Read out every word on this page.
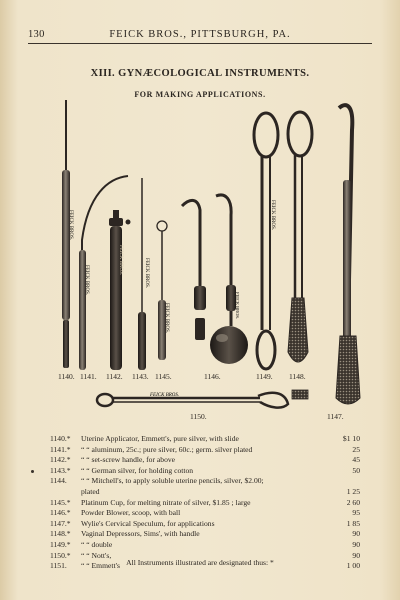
130	FEICK BROS., PITTSBURGH, PA.
XIII. GYNÆCOLOGICAL INSTRUMENTS.
FOR MAKING APPLICATIONS.
FEICK BROS.
FEICK BROS.
FEICK BROS.	FEICK BROS.
FEICK BROS.	FEICK BROS.
FEICK BROS.
FEICK BROS.
1140. 1141. 1142. 1143. 1145.	1146.	1149. 1148.
1150.	1147.
1140.*	Uterine Applicator, Emmett's, pure silver, with slide	$1 10
1141.*	“ “ aluminum, 25c.; pure silver, 60c.; germ. silver plated	25
1142.*	“ “ set-screw handle, for above	45
1143.*	“ “ German silver, for holding cotton	50
1144.	“ “ Mitchell's, to apply soluble uterine pencils, silver, $2.00;
plated	1 25
1145.*	Platinum Cup, for melting nitrate of silver, $1.85 ; large	2 60
1146.*	Powder Blower, scoop, with ball	95
1147.*	Wylie's Cervical Speculum, for applications	1 85
1148.*	Vaginal Depressors, Sims', with handle	90
1149.*	“ “ double	90
1150.*	“ “ Nott's,	90
1151.	“ “ Emmett's	1 00
All Instruments illustrated are designated thus: *
